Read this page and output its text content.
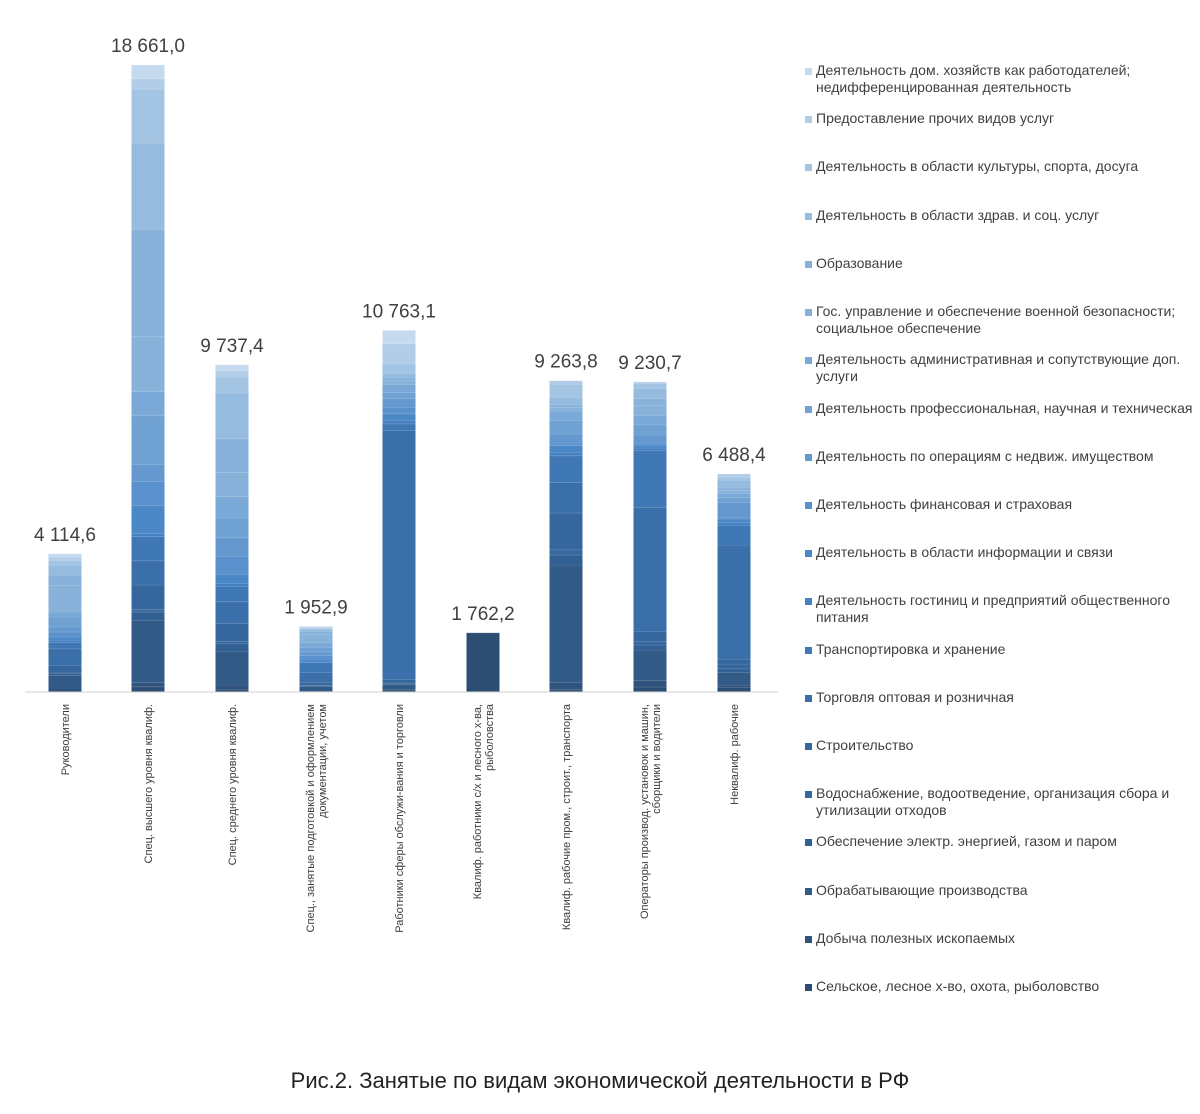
4 114,6
18 661,0
9 737,4
1 952,9
10 763,1
1 762,2
9 263,8 9 230,7
6 488,4
Руководители	Спец. высшего уровня квалиф.	Спец. среднего уровня квалиф.	Спец., занятые подготовкой и оформлениемдокументации, учетом	Работники сферы обслужи-вания и торговли	Квалиф. работники с/х и лесного х-ва,рыболовства	Квалиф. рабочие пром., строит., транспорта	Операторы производ. установок и машин,сборщики и водители	Неквалиф. рабочие
Деятельность дом. хозяйств как работодателей; недифференцированная деятельность
Предоставление прочих видов услуг
Деятельность в области культуры, спорта, досуга
Деятельность в области здрав. и соц. услуг
Образование
Гос. управление и обеспечение военной безопасности; социальное обеспечение
Деятельность административная и сопутствующие доп. услуги
Деятельность профессиональная, научная и техническая
Деятельность по операциям с недвиж. имуществом
Деятельность финансовая и страховая
Деятельность в области информации и связи
Деятельность гостиниц и предприятий общественного питания
Транспортировка и хранение
Торговля оптовая и розничная
Строительство
Водоснабжение, водоотведение, организация сбора и утилизации отходов
Обеспечение электр. энергией, газом и паром
Обрабатывающие производства
Добыча полезных ископаемых
Сельское, лесное х-во, охота, рыболовство
Рис.2. Занятые по видам экономической деятельности в РФ
